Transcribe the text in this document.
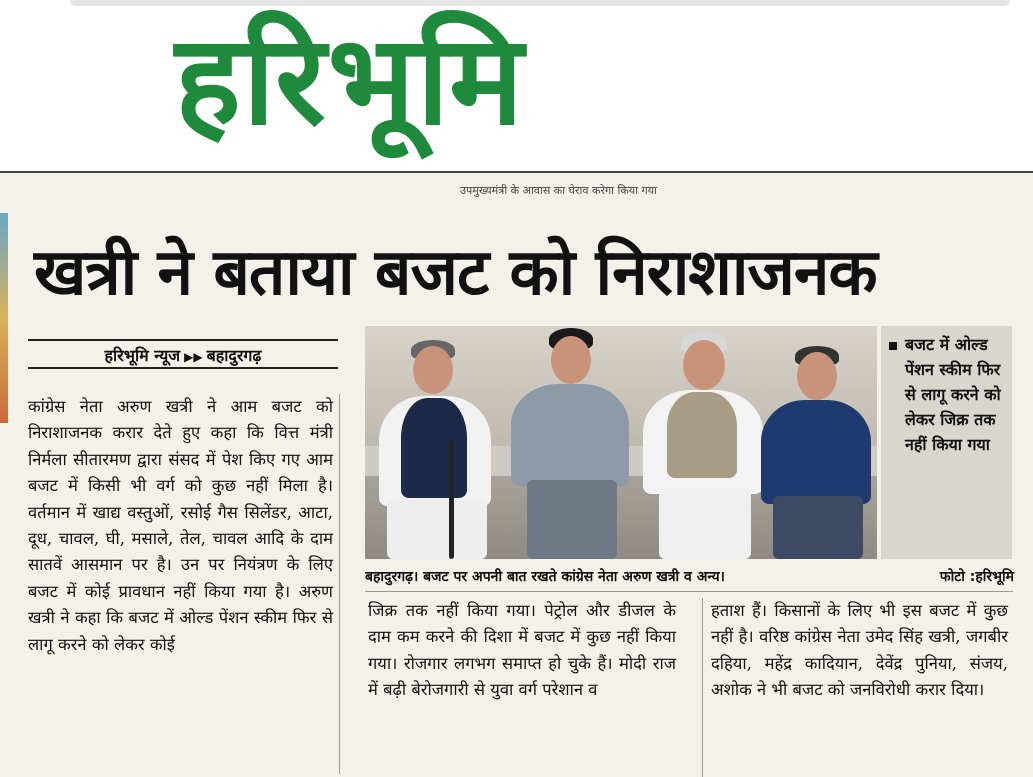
हरिभूमि
उपमुख्यमंत्री के आवास का घेराव करेगा किया गया
खत्री ने बताया बजट को निराशाजनक
हरिभूमि न्यूज ▶▶ बहादुरगढ़
कांग्रेस नेता अरुण खत्री ने आम बजट को निराशाजनक करार देते हुए कहा कि वित्त मंत्री निर्मला सीतारमण द्वारा संसद में पेश किए गए आम बजट में किसी भी वर्ग को कुछ नहीं मिला है। वर्तमान में खाद्य वस्तुओं, रसोई गैस सिलेंडर, आटा, दूध, चावल, घी, मसाले, तेल, चावल आदि के दाम सातवें आसमान पर है। उन पर नियंत्रण के लिए बजट में कोई प्रावधान नहीं किया गया है। अरुण खत्री ने कहा कि बजट में ओल्ड पेंशन स्कीम फिर से लागू करने को लेकर कोई
बजट में ओल्ड पेंशन स्कीम फिर से लागू करने को लेकर जिक्र तक नहीं किया गया
बहादुरगढ़। बजट पर अपनी बात रखते कांग्रेस नेता अरुण खत्री व अन्य।	फोटो :हरिभूमि
जिक्र तक नहीं किया गया। पेट्रोल और डीजल के दाम कम करने की दिशा में बजट में कुछ नहीं किया गया। रोजगार लगभग समाप्त हो चुके हैं। मोदी राज में बढ़ी बेरोजगारी से युवा वर्ग परेशान व
हताश हैं। किसानों के लिए भी इस बजट में कुछ नहीं है। वरिष्ठ कांग्रेस नेता उमेद सिंह खत्री, जगबीर दहिया, महेंद्र कादियान, देवेंद्र पुनिया, संजय, अशोक ने भी बजट को जनविरोधी करार दिया।
